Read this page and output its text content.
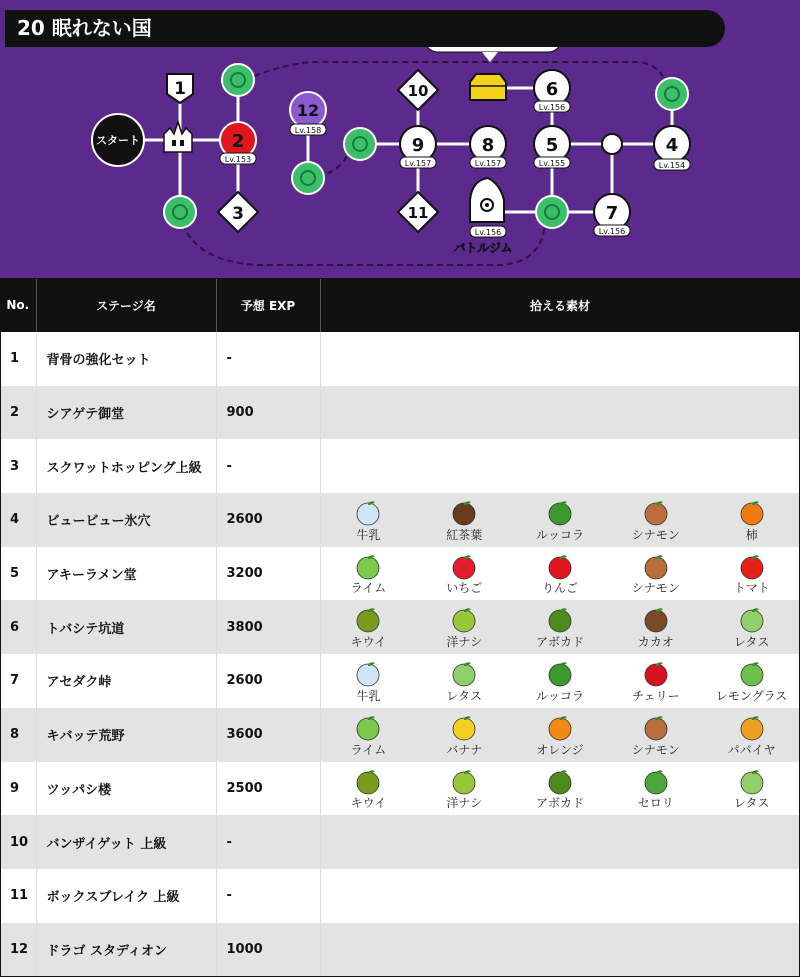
スタート
1
2
Lv.153
3
12
Lv.158
10
9
Lv.157
11
8
Lv.157
6
Lv.156
5
Lv.155
4
Lv.154
7
Lv.156
Lv.156
バトルジム
20 眠れない国
No.	ステージ名	予想 EXP	拾える素材
1	背骨の強化セット	-	

2	シアゲテ御堂	900	

3	スクワットホッピング上級	-	

4	ビュービュー氷穴	2600	牛乳 紅茶葉 ルッコラ シナモン 柿

5	アキーラメン堂	3200	ライム いちご りんご シナモン トマト

6	トバシテ坑道	3800	キウイ 洋ナシ アボカド カカオ レタス

7	アセダク峠	2600	牛乳 レタス ルッコラ チェリー レモングラス

8	キバッテ荒野	3600	ライム バナナ オレンジ シナモン パパイヤ

9	ツッパシ楼	2500	キウイ 洋ナシ アボカド セロリ レタス

10	バンザイゲット 上級	-	

11	ボックスブレイク 上級	-	

12	ドラゴ スタディオン	1000	
